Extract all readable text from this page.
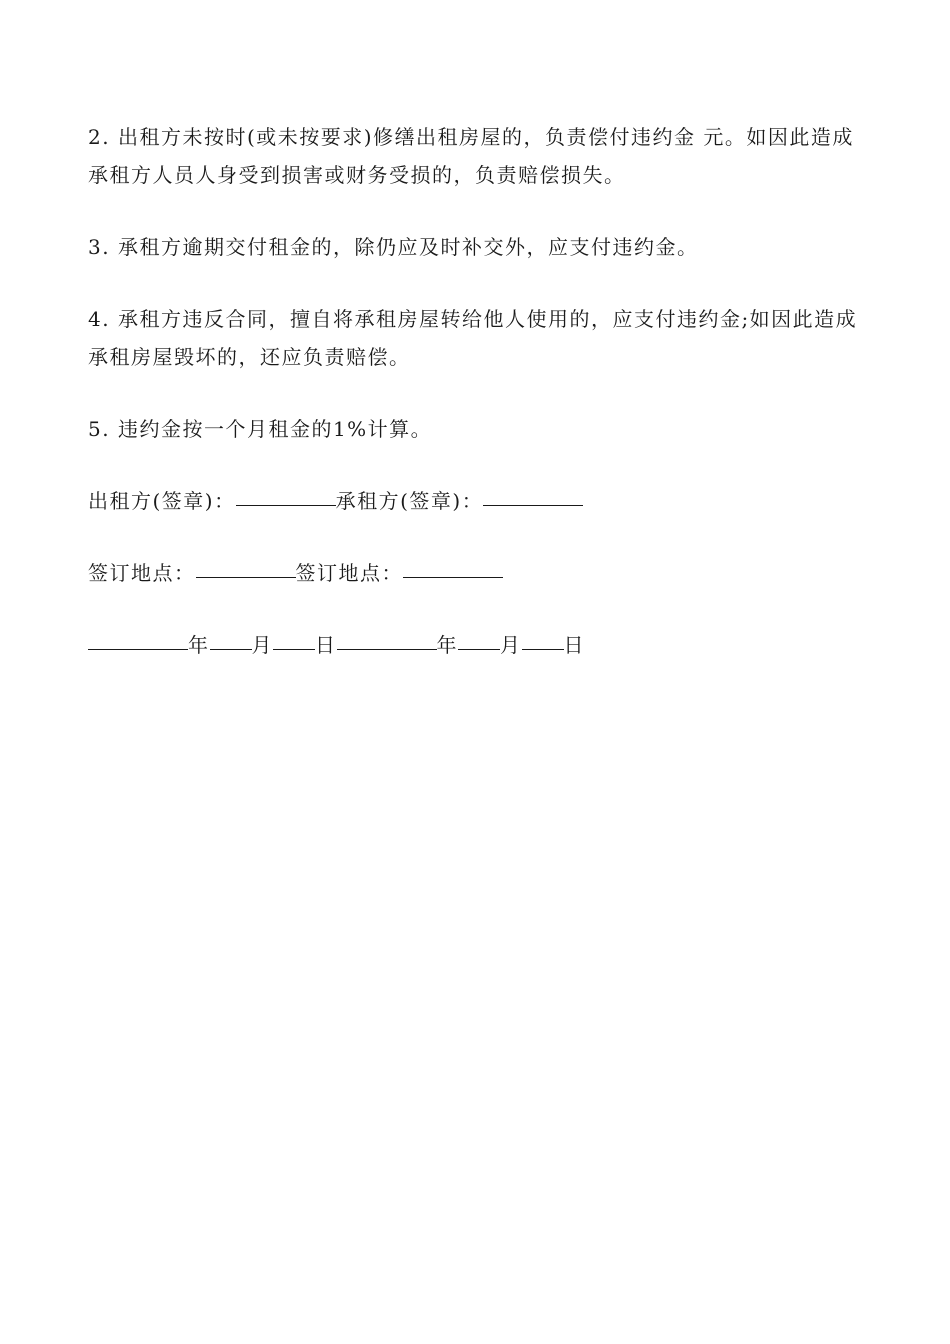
2. 出租方未按时(或未按要求)修缮出租房屋的，负责偿付违约金 元。如因此造成承租方人员人身受到损害或财务受损的，负责赔偿损失。

3. 承租方逾期交付租金的，除仍应及时补交外，应支付违约金。

4. 承租方违反合同，擅自将承租房屋转给他人使用的，应支付违约金;如因此造成承租房屋毁坏的，还应负责赔偿。

5. 违约金按一个月租金的1%计算。

出租方(签章)：	承租方(签章)：

签订地点：	签订地点：

年 月 日	年 月 日
